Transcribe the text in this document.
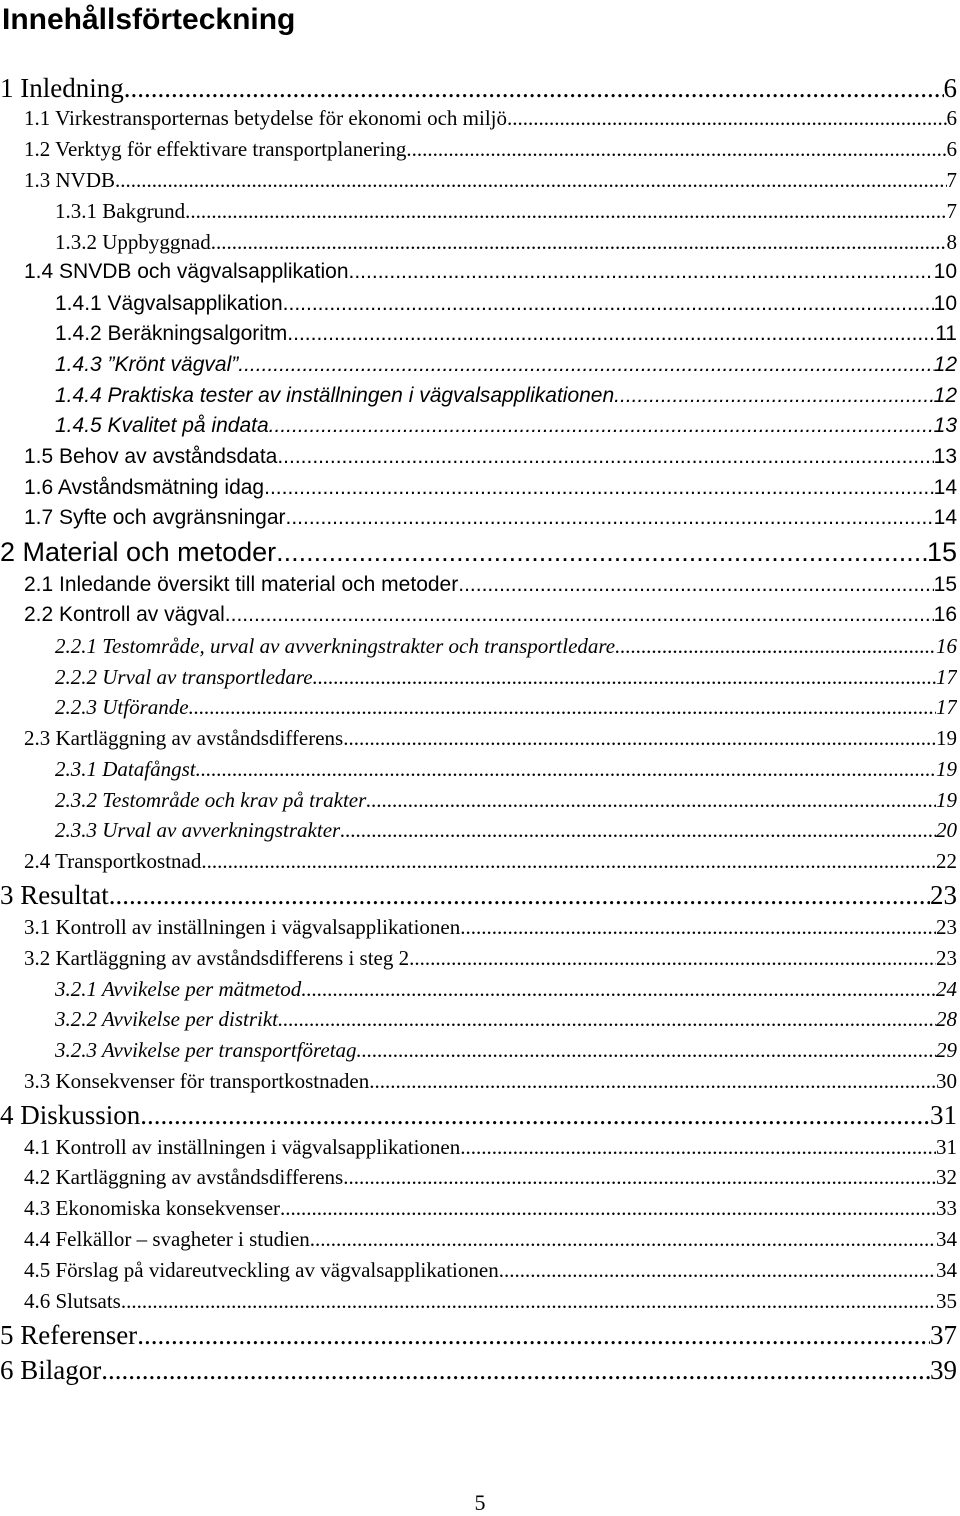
Innehållsförteckning
1 Inledning .....	6
1.1 Virkestransporternas betydelse för ekonomi och miljö .....	6
1.2 Verktyg för effektivare transportplanering .....	6
1.3 NVDB .....	7
1.3.1 Bakgrund .....	7
1.3.2 Uppbyggnad .....	8
1.4 SNVDB och vägvalsapplikation .....	10
1.4.1 Vägvalsapplikation .....	10
1.4.2 Beräkningsalgoritm .....	11
1.4.3 ”Krönt vägval” .....	12
1.4.4 Praktiska tester av inställningen i vägvalsapplikationen .....	12
1.4.5 Kvalitet på indata .....	13
1.5 Behov av avståndsdata .....	13
1.6 Avståndsmätning idag .....	14
1.7 Syfte och avgränsningar .....	14
2 Material och metoder .....	15
2.1 Inledande översikt till material och metoder .....	15
2.2 Kontroll av vägval .....	16
2.2.1 Testområde, urval av avverkningstrakter och transportledare .....	16
2.2.2 Urval av transportledare .....	17
2.2.3 Utförande .....	17
2.3 Kartläggning av avståndsdifferens .....	19
2.3.1 Datafångst .....	19
2.3.2 Testområde och krav på trakter .....	19
2.3.3 Urval av avverkningstrakter .....	20
2.4 Transportkostnad .....	22
3 Resultat .....	23
3.1 Kontroll av inställningen i vägvalsapplikationen .....	23
3.2 Kartläggning av avståndsdifferens i steg 2 .....	23
3.2.1 Avvikelse per mätmetod .....	24
3.2.2 Avvikelse per distrikt .....	28
3.2.3 Avvikelse per transportföretag .....	29
3.3 Konsekvenser för transportkostnaden .....	30
4 Diskussion .....	31
4.1 Kontroll av inställningen i vägvalsapplikationen .....	31
4.2 Kartläggning av avståndsdifferens .....	32
4.3 Ekonomiska konsekvenser .....	33
4.4 Felkällor – svagheter i studien .....	34
4.5 Förslag på vidareutveckling av vägvalsapplikationen .....	34
4.6 Slutsats .....	35
5 Referenser .....	37
6 Bilagor .....	39
5
